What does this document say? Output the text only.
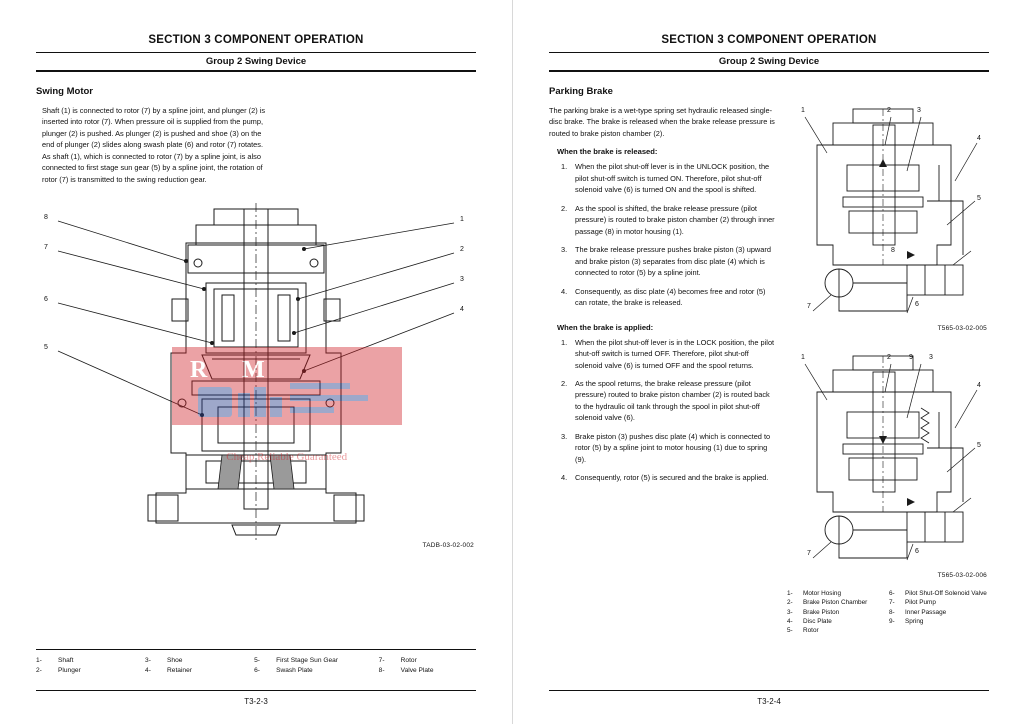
SECTION 3 COMPONENT OPERATION
Group 2 Swing Device
Swing Motor

Shaft (1) is connected to rotor (7) by a spline joint, and plunger (2) is inserted into rotor (7). When pressure oil is supplied from the pump, plunger (2) is pushed. As plunger (2) is pushed and shoe (3) on the end of plunger (2) slides along swash plate (6) and rotor (7) rotates. As shaft (1), which is connected to rotor (7) by a spline joint, is also connected to first stage sun gear (5) by a spline joint, the rotation of rotor (7) is transmitted to the swing reduction gear.

8
7
6
5
1
2
3
4
TADB-03-02-002
1-	Shaft
2-	Plunger
3-	Shoe
4-	Retainer
5-	First Stage Sun Gear
6-	Swash Plate
7-	Rotor
8-	Valve Plate
T3-2-3
R M
Cheap Reliable Guaranteed
SECTION 3 COMPONENT OPERATION
Group 2 Swing Device
Parking Brake

The parking brake is a wet-type spring set hydraulic released single-disc brake. The brake is released when the brake release pressure is routed to brake piston chamber (2).

When the brake is released:
1. When the pilot shut-off lever is in the UNLOCK position, the pilot shut-off switch is turned ON. Therefore, pilot shut-off solenoid valve (6) is turned ON and the spool is shifted.
2. As the spool is shifted, the brake release pressure (pilot pressure) is routed to brake piston chamber (2) through inner passage (8) in motor housing (1).
3. The brake release pressure pushes brake piston (3) upward and brake piston (3) separates from disc plate (4) which is connected to rotor (5) by a spline joint.
4. Consequently, as disc plate (4) becomes free and rotor (5) can rotate, the brake is released.
When the brake is applied:
1. When the pilot shut-off lever is in the LOCK position, the pilot shut-off switch is turned OFF. Therefore, pilot shut-off solenoid valve (6) is turned OFF and the spool returns.
2. As the spool returns, the brake release pressure (pilot pressure) routed to brake piston chamber (2) is routed back to the hydraulic oil tank through the spool in pilot shut-off solenoid valve (6).
3. Brake piston (3) pushes disc plate (4) which is connected to rotor (5) by a spline joint to motor housing (1) due to spring (9).
4. Consequently, rotor (5) is secured and the brake is applied.
1	2	3
4
5
6
7
8
T565-03-02-005
1	2	9 3
4
5
6
7
T565-03-02-006
1-	Motor Hosing
2-	Brake Piston Chamber
3-	Brake Piston
4-	Disc Plate
5-	Rotor
6-	Pilot Shut-Off Solenoid Valve
7-	Pilot Pump
8-	Inner Passage
9-	Spring
T3-2-4
